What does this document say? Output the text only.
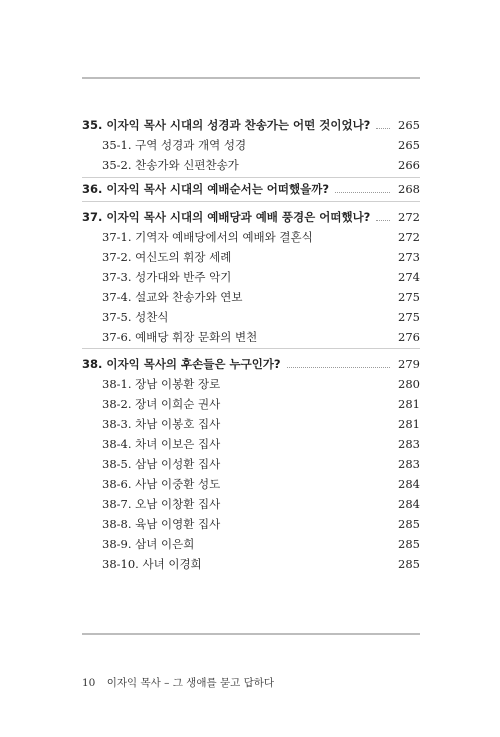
35. 이자익 목사 시대의 성경과 찬송가는 어떤 것이었나? 265
35-1. 구역 성경과 개역 성경	265
35-2. 찬송가와 신편찬송가	266
36. 이자익 목사 시대의 예배순서는 어떠했을까?	268
37. 이자익 목사 시대의 예배당과 예배 풍경은 어떠했나? 272
37-1. 기역자 예배당에서의 예배와 결혼식	272
37-2. 여신도의 휘장 세례	273
37-3. 성가대와 반주 악기	274
37-4. 설교와 찬송가와 연보	275
37-5. 성찬식	275
37-6. 예배당 휘장 문화의 변천	276
38. 이자익 목사의 후손들은 누구인가?	279
38-1. 장남 이봉환 장로	280
38-2. 장녀 이희순 권사	281
38-3. 차남 이봉호 집사	281
38-4. 차녀 이보은 집사	283
38-5. 삼남 이성환 집사	283
38-6. 사남 이중환 성도	284
38-7. 오남 이창환 집사	284
38-8. 육남 이영환 집사	285
38-9. 삼녀 이은희	285
38-10. 사녀 이경희	285
10 이자익 목사 – 그 생애를 묻고 답하다
